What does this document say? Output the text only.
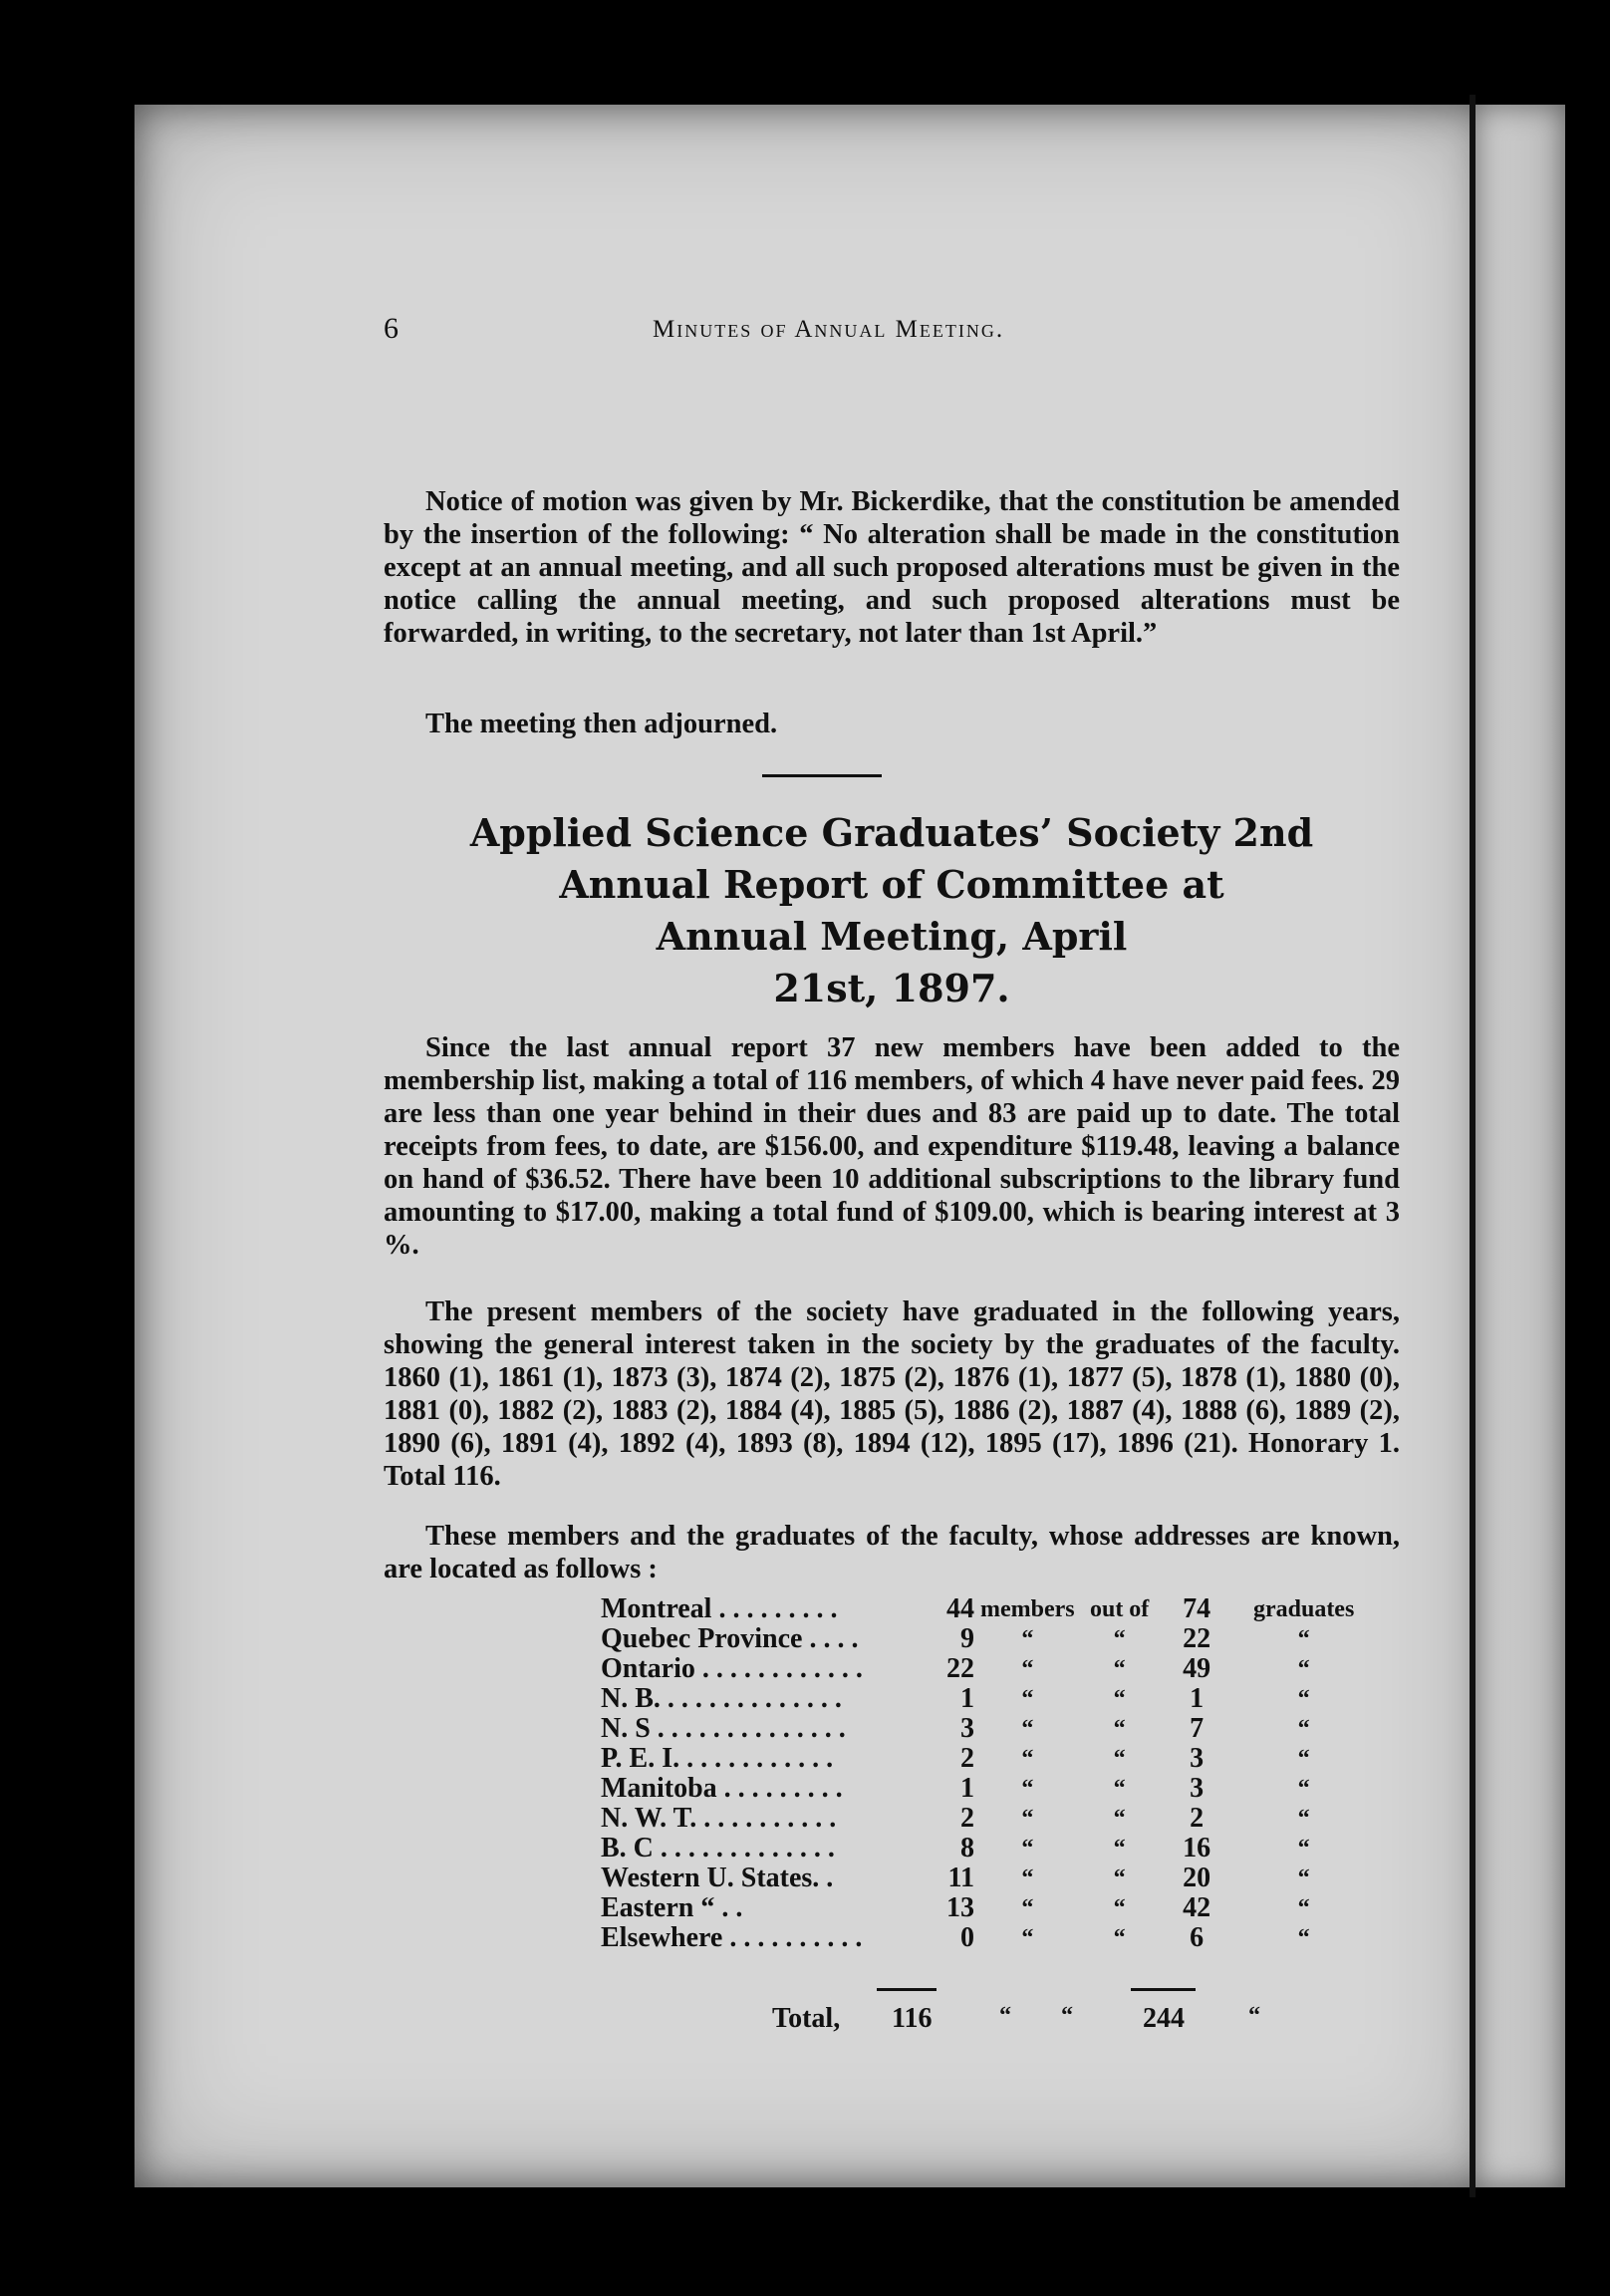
6	Minutes of Annual Meeting.

Notice of motion was given by Mr. Bickerdike, that the constitution be amended by the insertion of the following: “ No alteration shall be made in the constitution except at an annual meeting, and all such proposed alterations must be given in the notice calling the annual meeting, and such proposed alterations must be forwarded, in writing, to the secretary, not later than 1st April.”

The meeting then adjourned.

Applied Science Graduates’ Society 2nd
Annual Report of Committee at
Annual Meeting, April
21st, 1897.

Since the last annual report 37 new members have been added to the membership list, making a total of 116 members, of which 4 have never paid fees. 29 are less than one year behind in their dues and 83 are paid up to date. The total receipts from fees, to date, are $156.00, and expenditure $119.48, leaving a balance on hand of $36.52. There have been 10 additional subscriptions to the library fund amounting to $17.00, making a total fund of $109.00, which is bearing interest at 3 %.

The present members of the society have graduated in the following years, showing the general interest taken in the society by the graduates of the faculty. 1860 (1), 1861 (1), 1873 (3), 1874 (2), 1875 (2), 1876 (1), 1877 (5), 1878 (1), 1880 (0), 1881 (0), 1882 (2), 1883 (2), 1884 (4), 1885 (5), 1886 (2), 1887 (4), 1888 (6), 1889 (2), 1890 (6), 1891 (4), 1892 (4), 1893 (8), 1894 (12), 1895 (17), 1896 (21). Honorary 1. Total 116.

These members and the graduates of the faculty, whose addresses are known, are located as follows :

Montreal . . . . . . . . .	44	members	out of	74	graduates
Quebec Province . . . .	9	“	“	22	“
Ontario . . . . . . . . . . . .	22	“	“	49	“
N. B. . . . . . . . . . . . . .	1	“	“	1	“
N. S . . . . . . . . . . . . . .	3	“	“	7	“
P. E. I. . . . . . . . . . . .	2	“	“	3	“
Manitoba . . . . . . . . .	1	“	“	3	“
N. W. T. . . . . . . . . . .	2	“	“	2	“
B. C . . . . . . . . . . . . .	8	“	“	16	“
Western U. States. .	11	“	“	20	“
Eastern “ . .	13	“	“	42	“
Elsewhere . . . . . . . . . .	0	“	“	6	“
Total, 116	“ “	244	“
